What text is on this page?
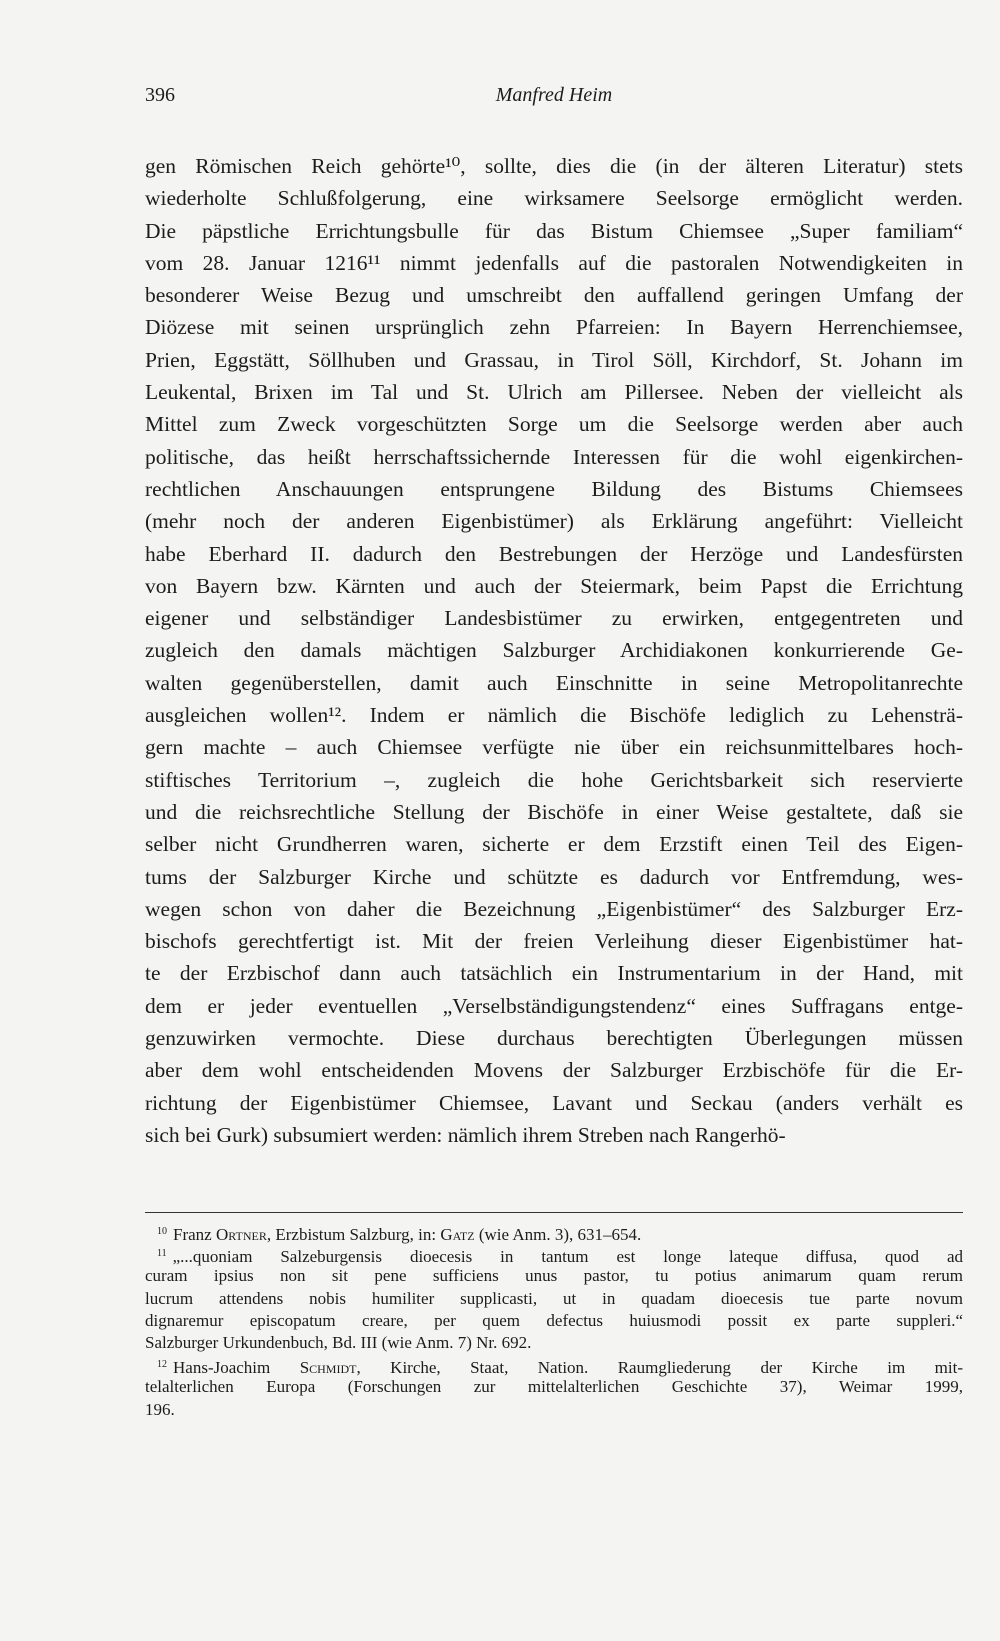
396	Manfred Heim
gen Römischen Reich gehörte¹⁰, sollte, dies die (in der älteren Literatur) stets
wiederholte Schlußfolgerung, eine wirksamere Seelsorge ermöglicht werden.
Die päpstliche Errichtungsbulle für das Bistum Chiemsee „Super familiam“
vom 28. Januar 1216¹¹ nimmt jedenfalls auf die pastoralen Notwendigkeiten in
besonderer Weise Bezug und umschreibt den auffallend geringen Umfang der
Diözese mit seinen ursprünglich zehn Pfarreien: In Bayern Herrenchiemsee,
Prien, Eggstätt, Söllhuben und Grassau, in Tirol Söll, Kirchdorf, St. Johann im
Leukental, Brixen im Tal und St. Ulrich am Pillersee. Neben der vielleicht als
Mittel zum Zweck vorgeschützten Sorge um die Seelsorge werden aber auch
politische, das heißt herrschaftssichernde Interessen für die wohl eigenkirchen-
rechtlichen Anschauungen entsprungene Bildung des Bistums Chiemsees
(mehr noch der anderen Eigenbistümer) als Erklärung angeführt: Vielleicht
habe Eberhard II. dadurch den Bestrebungen der Herzöge und Landesfürsten
von Bayern bzw. Kärnten und auch der Steiermark, beim Papst die Errichtung
eigener und selbständiger Landesbistümer zu erwirken, entgegentreten und
zugleich den damals mächtigen Salzburger Archidiakonen konkurrierende Ge-
walten gegenüberstellen, damit auch Einschnitte in seine Metropolitanrechte
ausgleichen wollen¹². Indem er nämlich die Bischöfe lediglich zu Lehensträ-
gern machte – auch Chiemsee verfügte nie über ein reichsunmittelbares hoch-
stiftisches Territorium –, zugleich die hohe Gerichtsbarkeit sich reservierte
und die reichsrechtliche Stellung der Bischöfe in einer Weise gestaltete, daß sie
selber nicht Grundherren waren, sicherte er dem Erzstift einen Teil des Eigen-
tums der Salzburger Kirche und schützte es dadurch vor Entfremdung, wes-
wegen schon von daher die Bezeichnung „Eigenbistümer“ des Salzburger Erz-
bischofs gerechtfertigt ist. Mit der freien Verleihung dieser Eigenbistümer hat-
te der Erzbischof dann auch tatsächlich ein Instrumentarium in der Hand, mit
dem er jeder eventuellen „Verselbständigungstendenz“ eines Suffragans entge-
genzuwirken vermochte. Diese durchaus berechtigten Überlegungen müssen
aber dem wohl entscheidenden Movens der Salzburger Erzbischöfe für die Er-
richtung der Eigenbistümer Chiemsee, Lavant und Seckau (anders verhält es
sich bei Gurk) subsumiert werden: nämlich ihrem Streben nach Rangerhö-
$^{10}$ Franz Ortner, Erzbistum Salzburg, in: Gatz (wie Anm. 3), 631–654.
$^{11}$ „...quoniam Salzeburgensis dioecesis in tantum est longe lateque diffusa, quod ad
curam ipsius non sit pene sufficiens unus pastor, tu potius animarum quam rerum
lucrum attendens nobis humiliter supplicasti, ut in quadam dioecesis tue parte novum
dignaremur episcopatum creare, per quem defectus huiusmodi possit ex parte suppleri.“
Salzburger Urkundenbuch, Bd. III (wie Anm. 7) Nr. 692.
$^{12}$ Hans-Joachim Schmidt, Kirche, Staat, Nation. Raumgliederung der Kirche im mit-
telalterlichen Europa (Forschungen zur mittelalterlichen Geschichte 37), Weimar 1999,
196.
